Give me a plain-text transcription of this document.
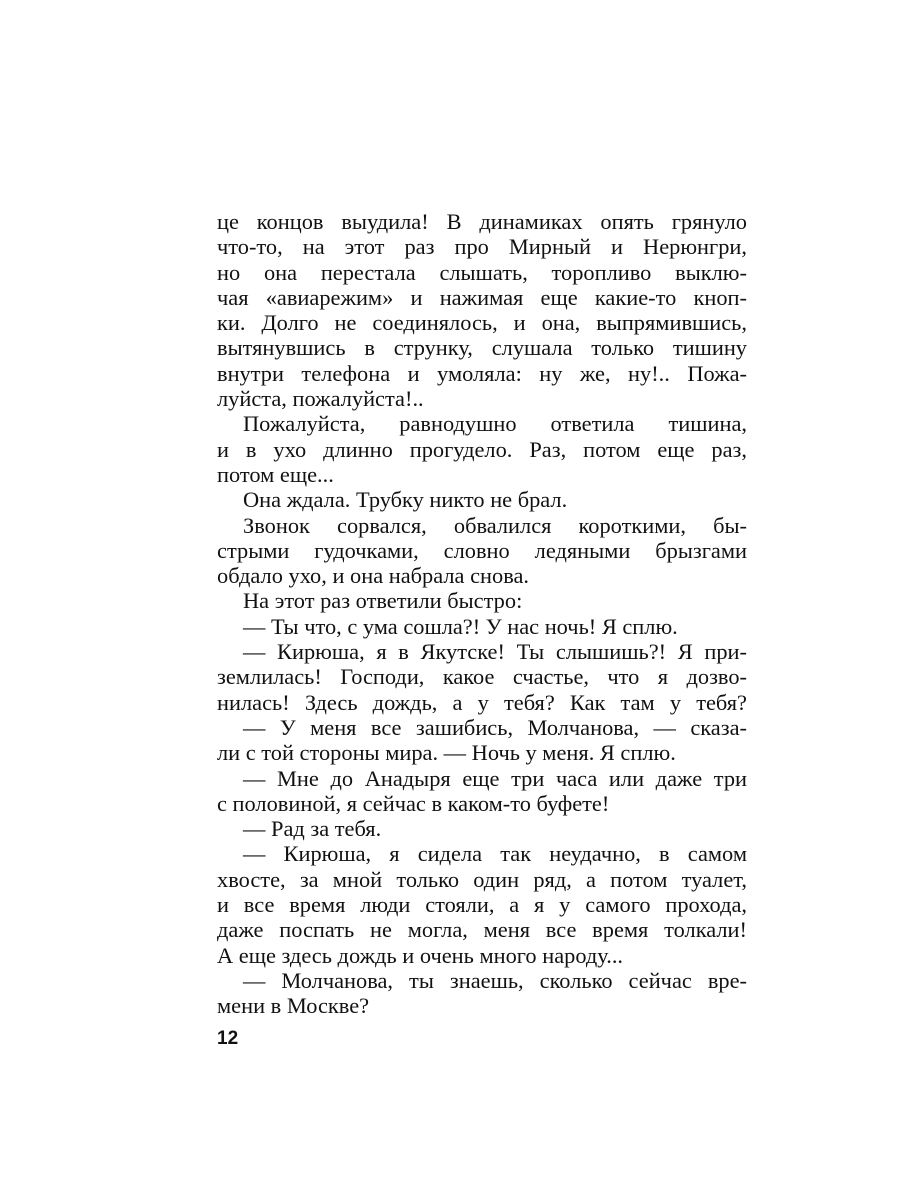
це концов выудила! В динамиках опять грянуло
что-то, на этот раз про Мирный и Нерюнгри,
но она перестала слышать, торопливо выклю-
чая «авиарежим» и нажимая еще какие-то кноп-
ки. Долго не соединялось, и она, выпрямившись,
вытянувшись в струнку, слушала только тишину
внутри телефона и умоляла: ну же, ну!.. Пожа-
луйста, пожалуйста!..
Пожалуйста, равнодушно ответила тишина,
и в ухо длинно прогудело. Раз, потом еще раз,
потом еще...
Она ждала. Трубку никто не брал.
Звонок сорвался, обвалился короткими, бы-
стрыми гудочками, словно ледяными брызгами
обдало ухо, и она набрала снова.
На этот раз ответили быстро:
— Ты что, с ума сошла?! У нас ночь! Я сплю.
— Кирюша, я в Якутске! Ты слышишь?! Я при-
землилась! Господи, какое счастье, что я дозво-
нилась! Здесь дождь, а у тебя? Как там у тебя?
— У меня все зашибись, Молчанова, — сказа-
ли с той стороны мира. — Ночь у меня. Я сплю.
— Мне до Анадыря еще три часа или даже три
с половиной, я сейчас в каком-то буфете!
— Рад за тебя.
— Кирюша, я сидела так неудачно, в самом
хвосте, за мной только один ряд, а потом туалет,
и все время люди стояли, а я у самого прохода,
даже поспать не могла, меня все время толкали!
А еще здесь дождь и очень много народу...
— Молчанова, ты знаешь, сколько сейчас вре-
мени в Москве?
12
